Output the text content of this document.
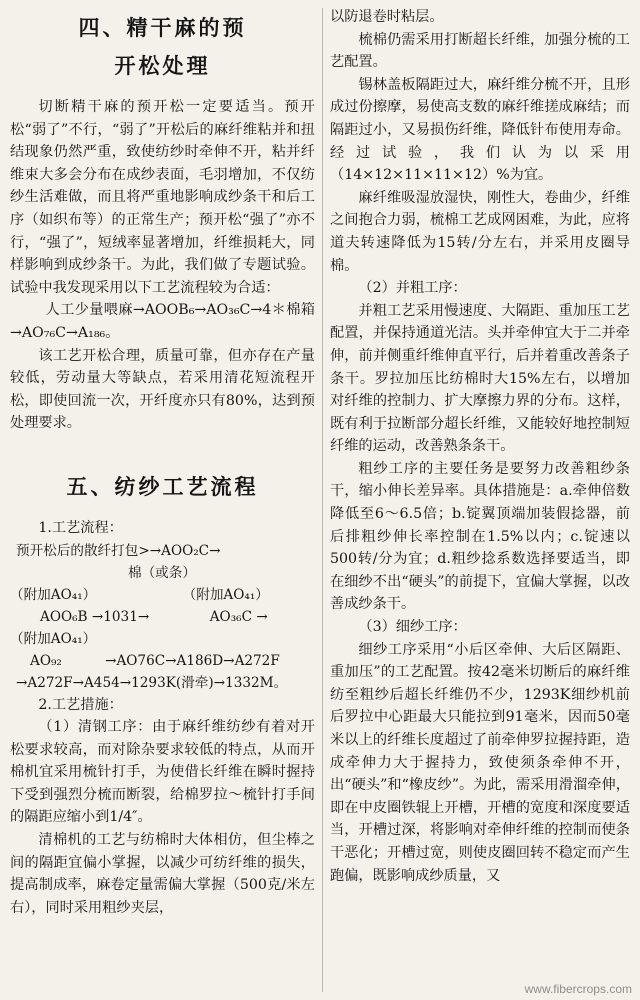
四、精干麻的预
开松处理

切断精干麻的预开松一定要适当。预开松“弱了”不行，“弱了”开松后的麻纤维粘并和扭结现象仍然严重，致使纺纱时牵伸不开，粘并纤维束大多会分布在成纱表面，毛羽增加，不仅纺纱生活难做，而且将严重地影响成纱条干和后工序（如织布等）的正常生产；预开松“强了”亦不行，“强了”，短绒率显著增加，纤维损耗大，同样影响到成纱条干。为此，我们做了专题试验。试验中我发现采用以下工艺流程较为合适：

人工少量喂麻→AOOB₆→AO₃₆C→4＊棉箱→AO₇₆C→A₁₈₆。

该工艺开松合理，质量可靠，但亦存在产量较低，劳动量大等缺点，若采用清花短流程开松，即使回流一次，开纤度亦只有80%，达到预处理要求。

五、纺纱工艺流程

1.工艺流程：

预开松后的散纤打包>→AOO₂C→
棉（或条）
（附加AO₄₁）                    （附加AO₄₁）
AOO₆B →1031→              AO₃₆C →
（附加AO₄₁）
AO₉₂          →AO76C→A186D→A272F
→A272F→A454→1293K(滑牵)→1332M。

2.工艺措施：

（1）清钢工序：由于麻纤维纺纱有着对开松要求较高，而对除杂要求较低的特点，从而开棉机宜采用梳针打手，为使借长纤维在瞬时握持下受到强烈分梳而断裂，给棉罗拉～梳针打手间的隔距应缩小到1/4″。

清棉机的工艺与纺棉时大体相仿，但尘棒之间的隔距宜偏小掌握，以减少可纺纤维的损失，提高制成率，麻卷定量需偏大掌握（500克/米左右），同时采用粗纱夹层，

以防退卷时粘层。

梳棉仍需采用打断超长纤维，加强分梳的工艺配置。

锡林盖板隔距过大，麻纤维分梳不开，且形成过份擦摩，易使高支数的麻纤维搓成麻结；而隔距过小，又易损伤纤维，降低针布使用寿命。经过试验，我们认为以采用（14×12×11×11×12）%为宜。

麻纤维吸湿放湿快，刚性大，卷曲少，纤维之间抱合力弱，梳棉工艺成网困难，为此，应将道夫转速降低为15转/分左右，并采用皮圈导棉。

（2）并粗工序：

并粗工艺采用慢速度、大隔距、重加压工艺配置，并保持通道光洁。头并牵伸宜大于二并牵伸，前并侧重纤维伸直平行，后并着重改善条子条干。罗拉加压比纺棉时大15%左右，以增加对纤维的控制力、扩大摩擦力界的分布。这样，既有利于拉断部分超长纤维，又能较好地控制短纤维的运动，改善熟条条干。

粗纱工序的主要任务是要努力改善粗纱条干，缩小伸长差异率。具体措施是：a.牵伸倍数降低至6～6.5倍；b.锭翼顶端加装假捻器，前后排粗纱伸长率控制在1.5%以内；c.锭速以500转/分为宜；d.粗纱捻系数选择要适当，即在细纱不出“硬头”的前提下，宜偏大掌握，以改善成纱条干。

（3）细纱工序：

细纱工序采用“小后区牵伸、大后区隔距、重加压”的工艺配置。按42毫米切断后的麻纤维纺至粗纱后超长纤维仍不少，1293K细纱机前后罗拉中心距最大只能拉到91毫米，因而50毫米以上的纤维长度超过了前牵伸罗拉握持距，造成牵伸力大于握持力，致使须条牵伸不开，出“硬头”和“橡皮纱”。为此，需采用滑溜牵伸，即在中皮圈铁辊上开槽，开槽的宽度和深度要适当，开槽过深，将影响对牵伸纤维的控制而使条干恶化；开槽过宽，则使皮圈回转不稳定而产生跑偏，既影响成纱质量，又

www.fibercrops.com
